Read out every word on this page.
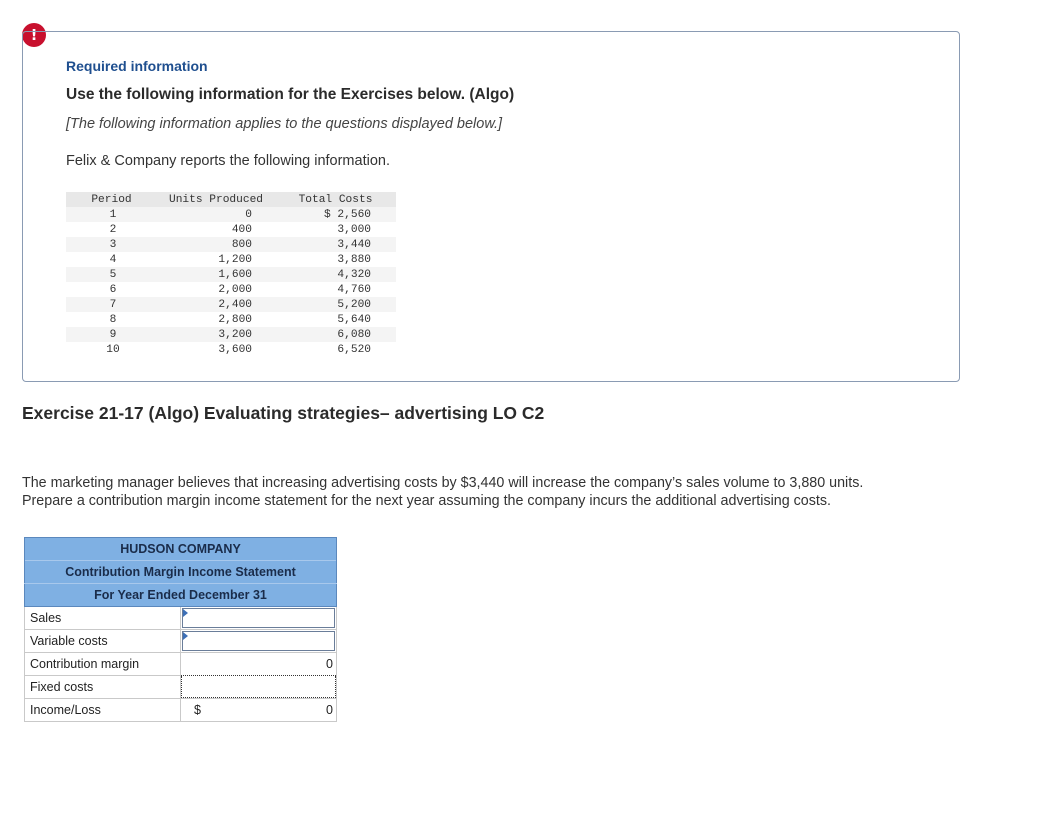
!
Required information
Use the following information for the Exercises below. (Algo)
[The following information applies to the questions displayed below.]
Felix & Company reports the following information.
Period	Units Produced	Total Costs
1	0	$ 2,560
2	400	3,000
3	800	3,440
4	1,200	3,880
5	1,600	4,320
6	2,000	4,760
7	2,400	5,200
8	2,800	5,640
9	3,200	6,080
10	3,600	6,520
Exercise 21-17 (Algo) Evaluating strategies– advertising LO C2
The marketing manager believes that increasing advertising costs by $3,440 will increase the company’s sales volume to 3,880 units.
Prepare a contribution margin income statement for the next year assuming the company incurs the additional advertising costs.
HUDSON COMPANY	
Contribution Margin Income Statement	
For Year Ended December 31	
Sales	

Variable costs	

Contribution margin	0

Fixed costs	

Income/Loss	$ 0
